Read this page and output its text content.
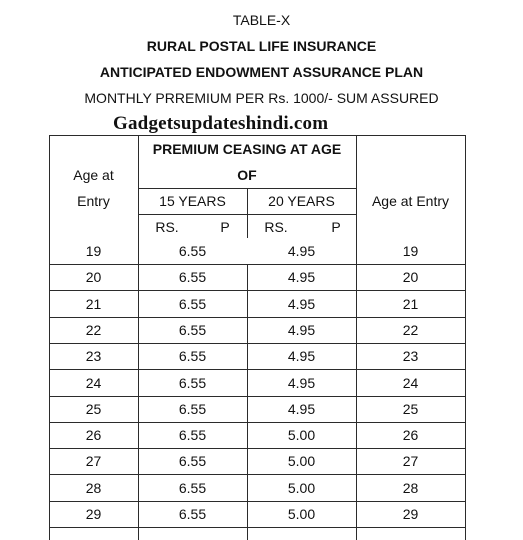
TABLE-X
RURAL POSTAL LIFE INSURANCE
ANTICIPATED ENDOWMENT ASSURANCE PLAN
MONTHLY PRREMIUM PER Rs. 1000/- SUM ASSURED
Gadgetsupdateshindi.com
Age at
Entry
PREMIUM CEASING AT AGE
OF
15 YEARS	20 YEARS
RS.	P	RS.	P
Age at Entry
19	6.55	4.95	19
20	6.55	4.95	20
21	6.55	4.95	21
22	6.55	4.95	22
23	6.55	4.95	23
24	6.55	4.95	24
25	6.55	4.95	25
26	6.55	5.00	26
27	6.55	5.00	27
28	6.55	5.00	28
29	6.55	5.00	29
